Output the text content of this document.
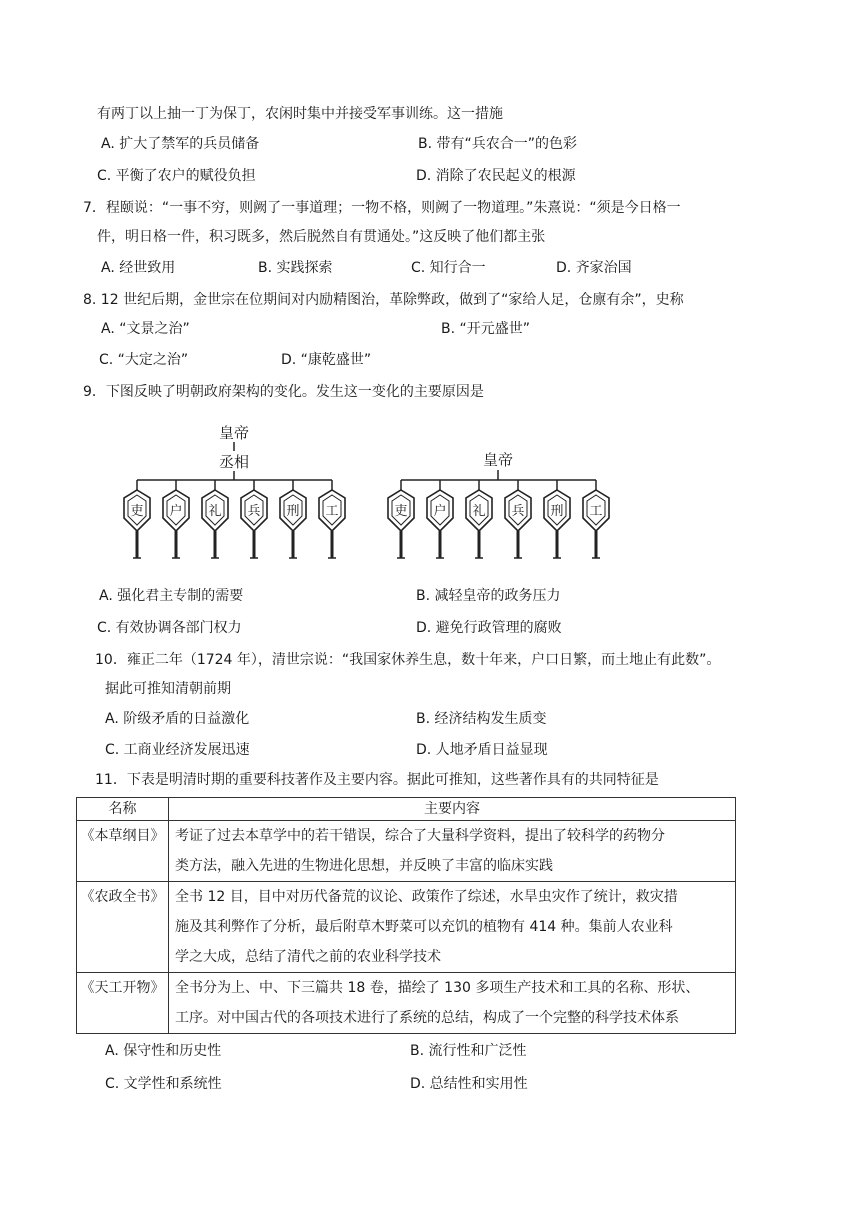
有两丁以上抽一丁为保丁，农闲时集中并接受军事训练。这一措施
A. 扩大了禁军的兵员储备	B. 带有“兵农合一”的色彩
C. 平衡了农户的赋役负担	D. 消除了农民起义的根源
7．程颐说：“一事不穷，则阙了一事道理；一物不格，则阙了一物道理。”朱熹说：“须是今日格一
件，明日格一件，积习既多，然后脱然自有贯通处。”这反映了他们都主张
A. 经世致用	B. 实践探索	C. 知行合一	D. 齐家治国
8. 12 世纪后期，金世宗在位期间对内励精图治，革除弊政，做到了“家给人足，仓廪有余”，史称
A. “文景之治”	B. “开元盛世”
C. “大定之治”	D. “康乾盛世”
9．下图反映了明朝政府架构的变化。发生这一变化的主要原因是
皇帝
丞相
吏 户 礼 兵 刑 工
皇帝
吏 户 礼 兵 刑 工
A. 强化君主专制的需要	B. 减轻皇帝的政务压力
C. 有效协调各部门权力	D. 避免行政管理的腐败
10．雍正二年（1724 年），清世宗说：“我国家休养生息，数十年来，户口日繁，而土地止有此数”。
据此可推知清朝前期
A. 阶级矛盾的日益激化	B. 经济结构发生质变
C. 工商业经济发展迅速	D. 人地矛盾日益显现
11．下表是明清时期的重要科技著作及主要内容。据此可推知，这些著作具有的共同特征是
名称	主要内容
《本草纲目》	考证了过去本草学中的若干错误，综合了大量科学资料，提出了较科学的药物分
类方法，融入先进的生物进化思想，并反映了丰富的临床实践

《农政全书》	全书 12 目，目中对历代备荒的议论、政策作了综述，水旱虫灾作了统计，救灾措
施及其利弊作了分析，最后附草木野菜可以充饥的植物有 414 种。集前人农业科
学之大成，总结了清代之前的农业科学技术

《天工开物》	全书分为上、中、下三篇共 18 卷，描绘了 130 多项生产技术和工具的名称、形状、
工序。对中国古代的各项技术进行了系统的总结，构成了一个完整的科学技术体系
A. 保守性和历史性	B. 流行性和广泛性
C. 文学性和系统性	D. 总结性和实用性
